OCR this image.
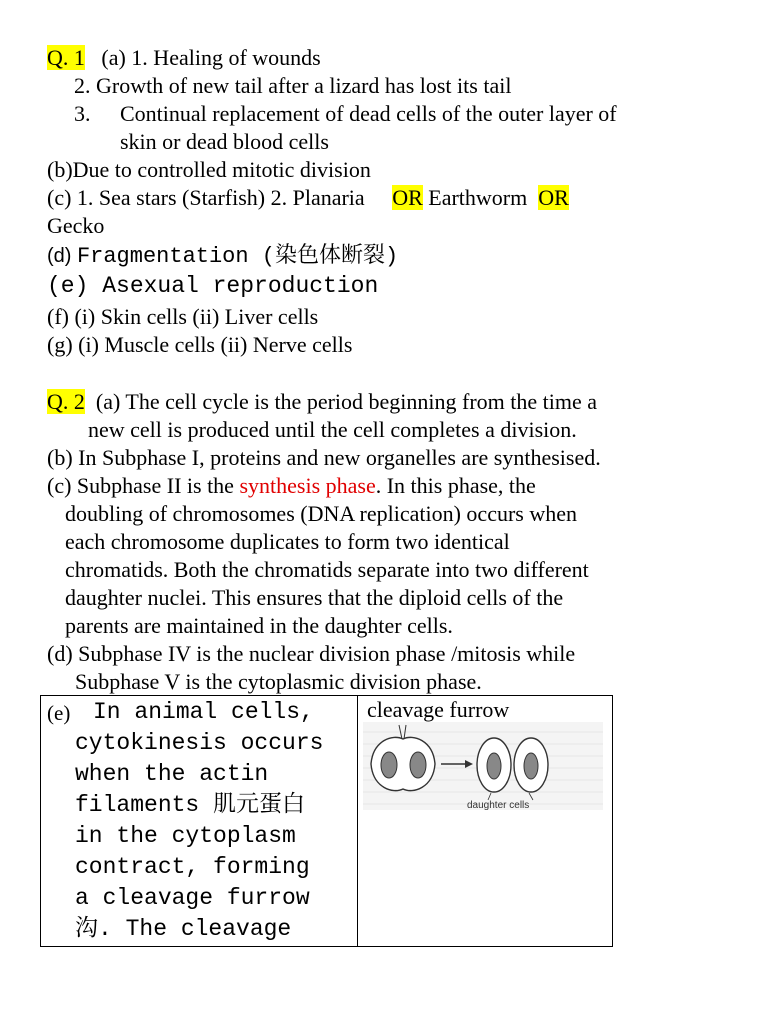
Q. 1 (a) 1. Healing of wounds
2. Growth of new tail after a lizard has lost its tail
3. Continual replacement of dead cells of the outer layer of
skin or dead blood cells
(b)Due to controlled mitotic division
(c) 1. Sea stars (Starfish) 2. Planaria OR Earthworm OR
Gecko
(d) Fragmentation (染色体断裂)
(e) Asexual reproduction
(f) (i) Skin cells (ii) Liver cells
(g) (i) Muscle cells (ii) Nerve cells
Q. 2 (a) The cell cycle is the period beginning from the time a
new cell is produced until the cell completes a division.
(b) In Subphase I, proteins and new organelles are synthesised.
(c) Subphase II is the synthesis phase. In this phase, the
doubling of chromosomes (DNA replication) occurs when
each chromosome duplicates to form two identical
chromatids. Both the chromatids separate into two different
daughter nuclei. This ensures that the diploid cells of the
parents are maintained in the daughter cells.
(d) Subphase IV is the nuclear division phase /mitosis while
Subphase V is the cytoplasmic division phase.
(e) In animal cells,
cytokinesis occurs
when the actin
filaments 肌元蛋白
in the cytoplasm
contract, forming
a cleavage furrow
沟. The cleavage
cleavage furrow
daughter cells
